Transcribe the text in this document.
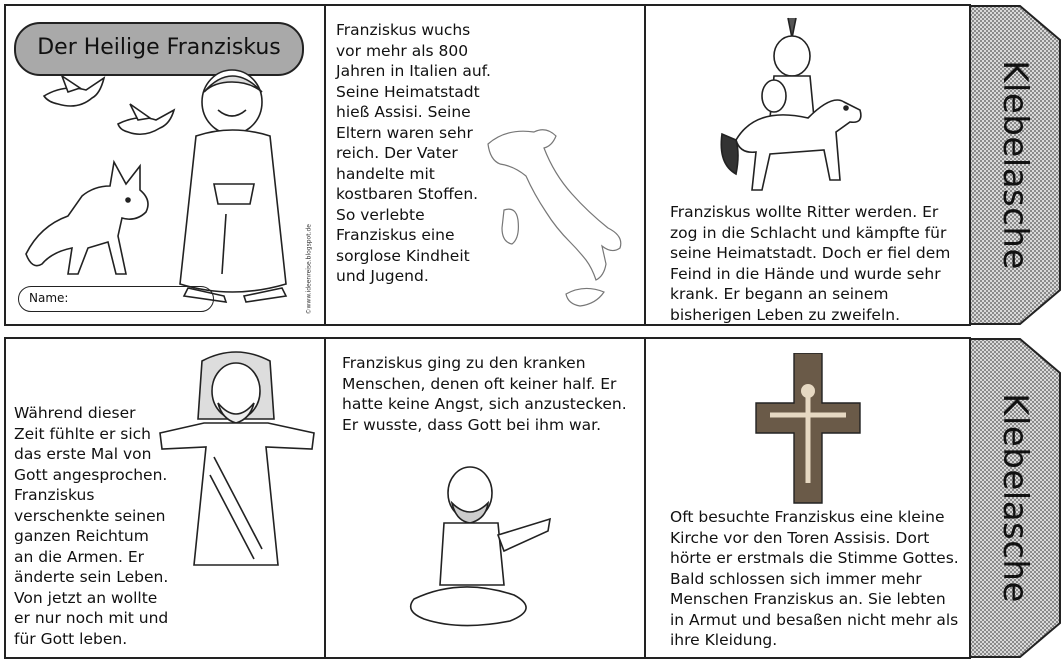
Der Heilige Franziskus
Name:	©www.ideenreise.blogspot.de

Franziskus wuchs
vor mehr als 800
Jahren in Italien auf.
Seine Heimatstadt
hieß Assisi. Seine
Eltern waren sehr
reich. Der Vater
handelte mit
kostbaren Stoffen.
So verlebte
Franziskus eine
sorglose Kindheit
und Jugend.

Franziskus wollte Ritter werden. Er
zog in die Schlacht und kämpfte für
seine Heimatstadt. Doch er fiel dem
Feind in die Hände und wurde sehr
krank. Er begann an seinem
bisherigen Leben zu zweifeln.

Klebelasche

Während dieser
Zeit fühlte er sich
das erste Mal von
Gott angesprochen.
Franziskus
verschenkte seinen
ganzen Reichtum
an die Armen. Er
änderte sein Leben.
Von jetzt an wollte
er nur noch mit und
für Gott leben.

Franziskus ging zu den kranken
Menschen, denen oft keiner half. Er
hatte keine Angst, sich anzustecken.
Er wusste, dass Gott bei ihm war.

Oft besuchte Franziskus eine kleine
Kirche vor den Toren Assisis. Dort
hörte er erstmals die Stimme Gottes.
Bald schlossen sich immer mehr
Menschen Franziskus an. Sie lebten
in Armut und besaßen nicht mehr als
ihre Kleidung.

Klebelasche
